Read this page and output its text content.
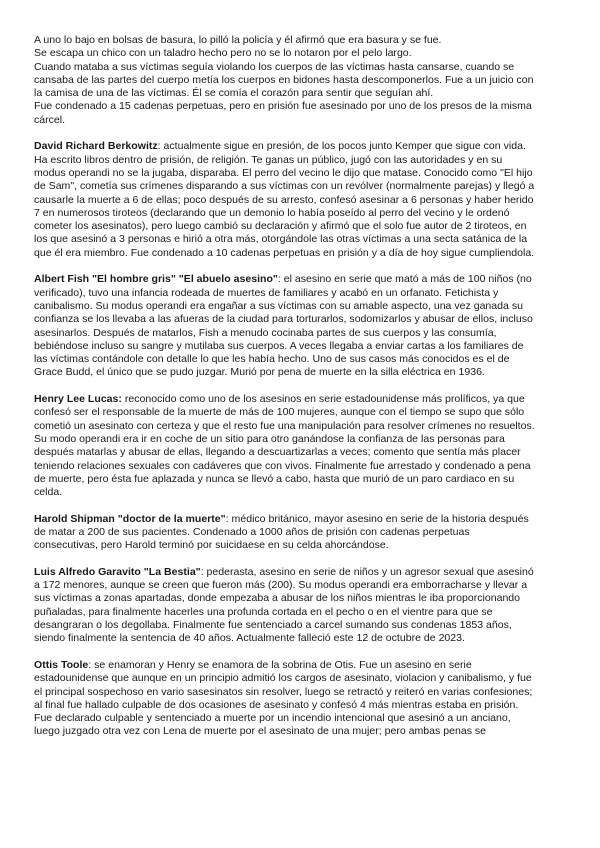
A uno lo bajo en bolsas de basura, lo pilló la policía y él afirmó que era basura y se fue.
Se escapa un chico con un taladro hecho pero no se lo notaron por el pelo largo.
Cuando mataba a sus víctimas seguía violando los cuerpos de las víctimas hasta cansarse, cuando se
cansaba de las partes del cuerpo metía los cuerpos en bidones hasta descomponerlos. Fue a un juicio con
la camisa de una de las víctimas. Él se comía el corazón para sentir que seguían ahí.
Fue condenado a 15 cadenas perpetuas, pero en prisión fue asesinado por uno de los presos de la misma
cárcel.
David Richard Berkowitz: actualmente sigue en presión, de los pocos junto Kemper que sigue con vida.
Ha escrito libros dentro de prisión, de religión. Te ganas un público, jugó con las autoridades y en su
modus operandi no se la jugaba, disparaba. El perro del vecino le dijo que matase. Conocido como "El hijo
de Sam", cometía sus crímenes disparando a sus víctimas con un revólver (normalmente parejas) y llegó a
causarle la muerte a 6 de ellas; poco después de su arresto, confesó asesinar a 6 personas y haber herido
7 en numerosos tiroteos (declarando que un demonio lo había poseído al perro del vecino y le ordenó
cometer los asesinatos), pero luego cambió su declaración y afirmó que el solo fue autor de 2 tiroteos, en
los que asesinó a 3 personas e hirió a otra más, otorgándole las otras víctimas a una secta satánica de la
que él era miembro. Fue condenado a 10 cadenas perpetuas en prisión y a día de hoy sigue cumpliendola.
Albert Fish "El hombre gris" "El abuelo asesino": el asesino en serie que mató a más de 100 niños (no
verificado), tuvo una infancia rodeada de muertes de familiares y acabó en un orfanato. Fetichista y
canibalismo. Su modus operandi era engañar a sus víctimas con su amable aspecto, una vez ganada su
confianza se los llevaba a las afueras de la ciudad para torturarlos, sodomizarlos y abusar de ellos, incluso
asesinarlos. Después de matarlos, Fish a menudo cocinaba partes de sus cuerpos y las consumía,
bebiéndose incluso su sangre y mutilaba sus cuerpos. A veces llegaba a enviar cartas a los familiares de
las víctimas contándole con detalle lo que les había hecho. Uno de sus casos más conocidos es el de
Grace Budd, el único que se pudo juzgar. Murió por pena de muerte en la silla eléctrica en 1936.
Henry Lee Lucas: reconocido como uno de los asesinos en serie estadounidense más prolíficos, ya que
confesó ser el responsable de la muerte de más de 100 mujeres, aunque con el tiempo se supo que sólo
cometió un asesinato con certeza y que el resto fue una manipulación para resolver crímenes no resueltos.
Su modo operandi era ir en coche de un sitio para otro ganándose la confianza de las personas para
después matarlas y abusar de ellas, llegando a descuartizarlas a veces; comento que sentía más placer
teniendo relaciones sexuales con cadáveres que con vivos. Finalmente fue arrestado y condenado a pena
de muerte, pero ésta fue aplazada y nunca se llevó a cabo, hasta que murió de un paro cardiaco en su
celda.
Harold Shipman "doctor de la muerte": médico británico, mayor asesino en serie de la historia después
de matar a 200 de sus pacientes. Condenado a 1000 años de prisión con cadenas perpetuas
consecutivas, pero Harold terminó por suicidaese en su celda ahorcándose.
Luis Alfredo Garavito "La Bestia": pederasta, asesino en serie de niños y un agresor sexual que asesinó
a 172 menores, aunque se creen que fueron más (200). Su modus operandi era emborracharse y llevar a
sus víctimas a zonas apartadas, donde empezaba a abusar de los niños mientras le iba proporcionando
puñaladas, para finalmente hacerles una profunda cortada en el pecho o en el vientre para que se
desangraran o los degollaba. Finalmente fue sentenciado a carcel sumando sus condenas 1853 años,
siendo finalmente la sentencia de 40 años. Actualmente falleció este 12 de octubre de 2023.
Ottis Toole: se enamoran y Henry se enamora de la sobrina de Otis. Fue un asesino en serie
estadounidense que aunque en un principio admitió los cargos de asesinato, violacion y canibalismo, y fue
el principal sospechoso en vario sasesinatos sin resolver, luego se retractó y reiteró en varias confesiones;
al final fue hallado culpable de dos ocasiones de asesinato y confesó 4 más mientras estaba en prisión.
Fue declarado culpable y sentenciado a muerte por un incendio intencional que asesinó a un anciano,
luego juzgado otra vez con Lena de muerte por el asesinato de una mujer; pero ambas penas se
